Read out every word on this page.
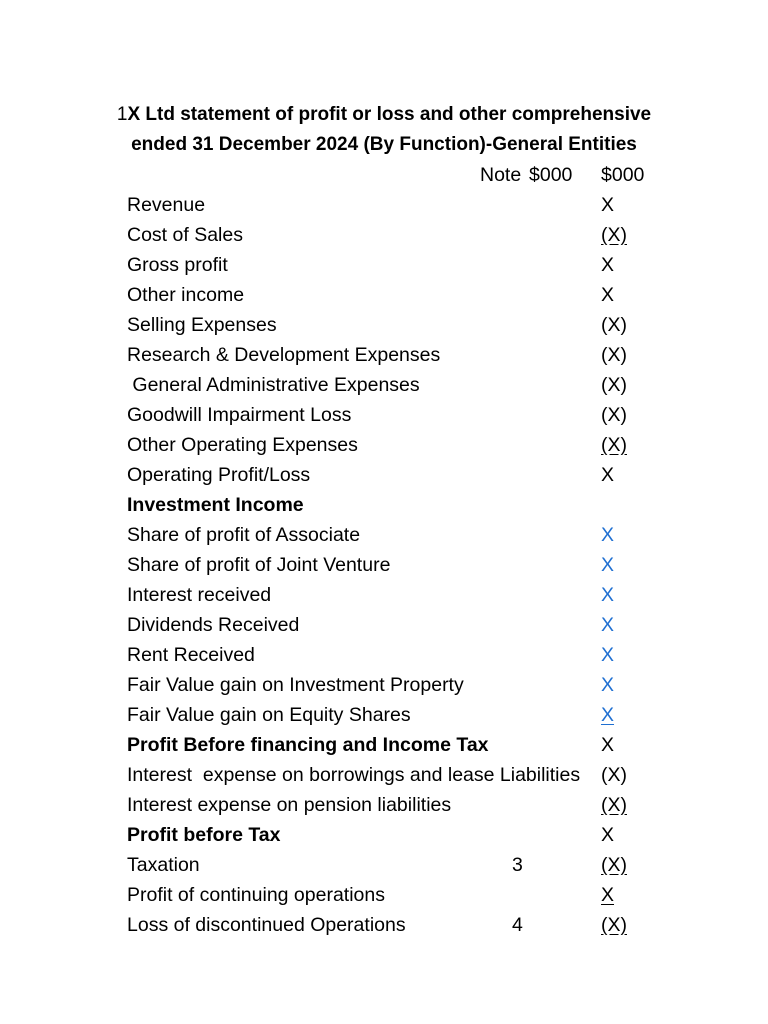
1X Ltd statement of profit or loss and other comprehensive
ended 31 December 2024 (By Function)-General Entities
Note $000 $000
Revenue	X
Cost of Sales	(X)
Gross profit	X
Other income	X
Selling Expenses	(X)
Research & Development Expenses	(X)
General Administrative Expenses	(X)
Goodwill Impairment Loss	(X)
Other Operating Expenses	(X)
Operating Profit/Loss	X
Investment Income
Share of profit of Associate	X
Share of profit of Joint Venture	X
Interest received	X
Dividends Received	X
Rent Received	X
Fair Value gain on Investment Property	X
Fair Value gain on Equity Shares	X
Profit Before financing and Income Tax	X
Interest  expense on borrowings and lease Liabilities	(X)
Interest expense on pension liabilities	(X)
Profit before Tax	X
Taxation	3	(X)
Profit of continuing operations	X
Loss of discontinued Operations	4	(X)
